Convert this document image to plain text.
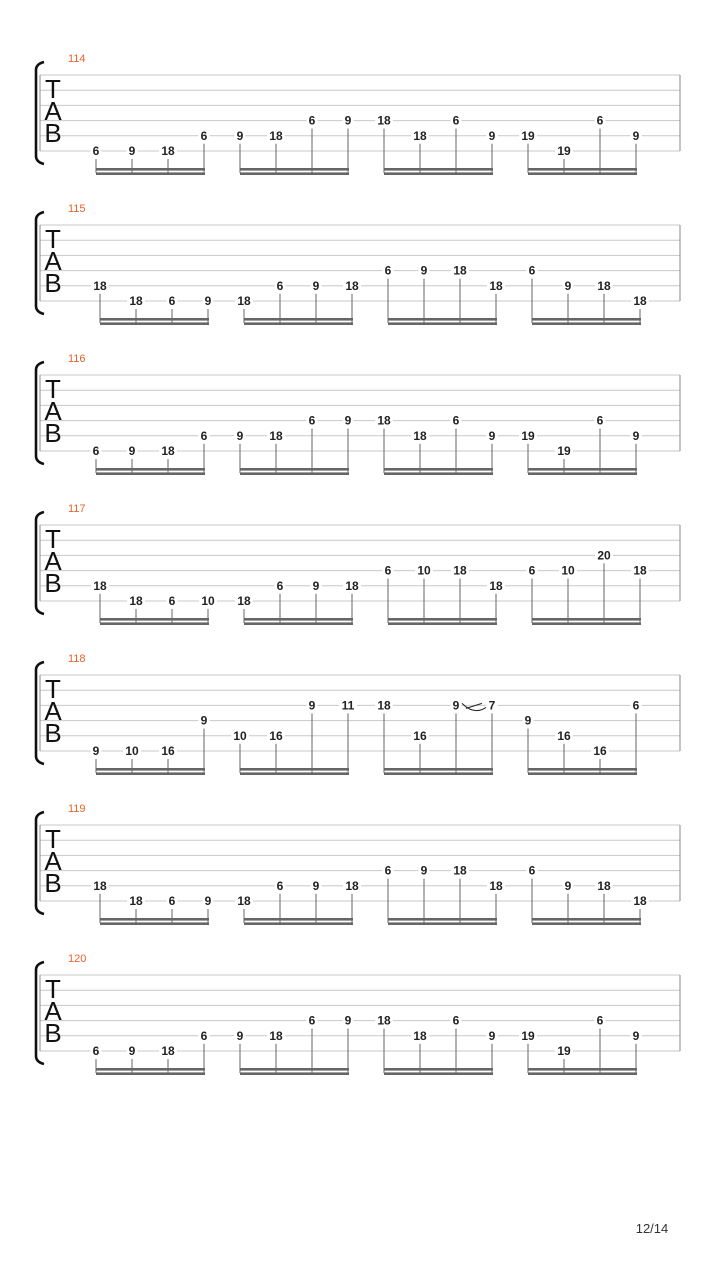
114
T
A
B
6 9 18
6 9 18
6 9 18
18
6
9 19
19
6
9
115
T
A
B	18
18 6 9 18
6 9 18
6 9 18
18
6
9 18
18
116
T
A
B
6 9 18
6 9 18
6 9 18
18
6
9 19
19
6
9
117
T
A
B	18
18 6 10 18
6 9 18
6 10 18
18
6 10
20
18
118
T
A
B
9 10 16
9
10 16
9 11 18
16
9 7
9
16
16
6
119
T
A
B	18
18 6 9 18
6 9 18
6 9 18
18
6
9 18
18
120
T
A
B
6 9 18
6 9 18
6 9 18
18
6
9 19
19
6
9
12/14
